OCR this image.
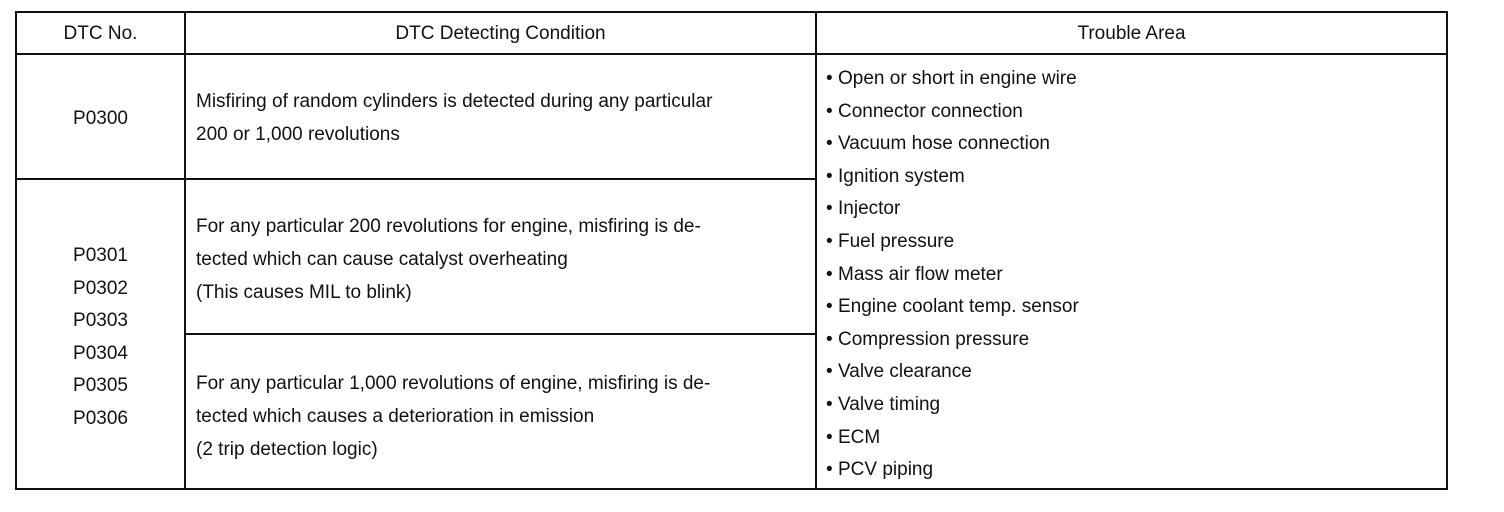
DTC No.	DTC Detecting Condition	Trouble Area
P0300
Misfiring of random cylinders is detected during any particular
200 or 1,000 revolutions
P0301
P0302
P0303
P0304
P0305
P0306
For any particular 200 revolutions for engine, misfiring is de-
tected which can cause catalyst overheating
(This causes MIL to blink)
For any particular 1,000 revolutions of engine, misfiring is de-
tected which causes a deterioration in emission
(2 trip detection logic)
• Open or short in engine wire
• Connector connection
• Vacuum hose connection
• Ignition system
• Injector
• Fuel pressure
• Mass air flow meter
• Engine coolant temp. sensor
• Compression pressure
• Valve clearance
• Valve timing
• ECM
• PCV piping
